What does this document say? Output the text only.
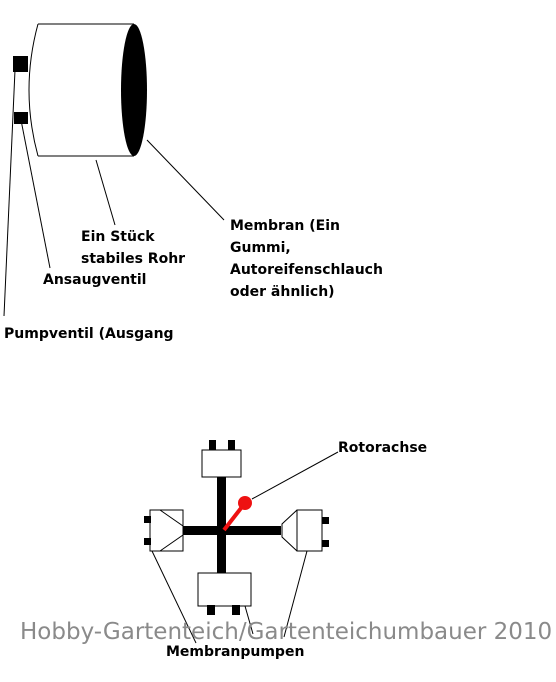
Ein Stück
stabiles Rohr
Ansaugventil
Membran (Ein
Gummi,
Autoreifenschlauch
oder ähnlich)
Pumpventil (Ausgang
Rotorachse
Hobby-Gartenteich/Gartenteichumbauer 2010
Membranpumpen
